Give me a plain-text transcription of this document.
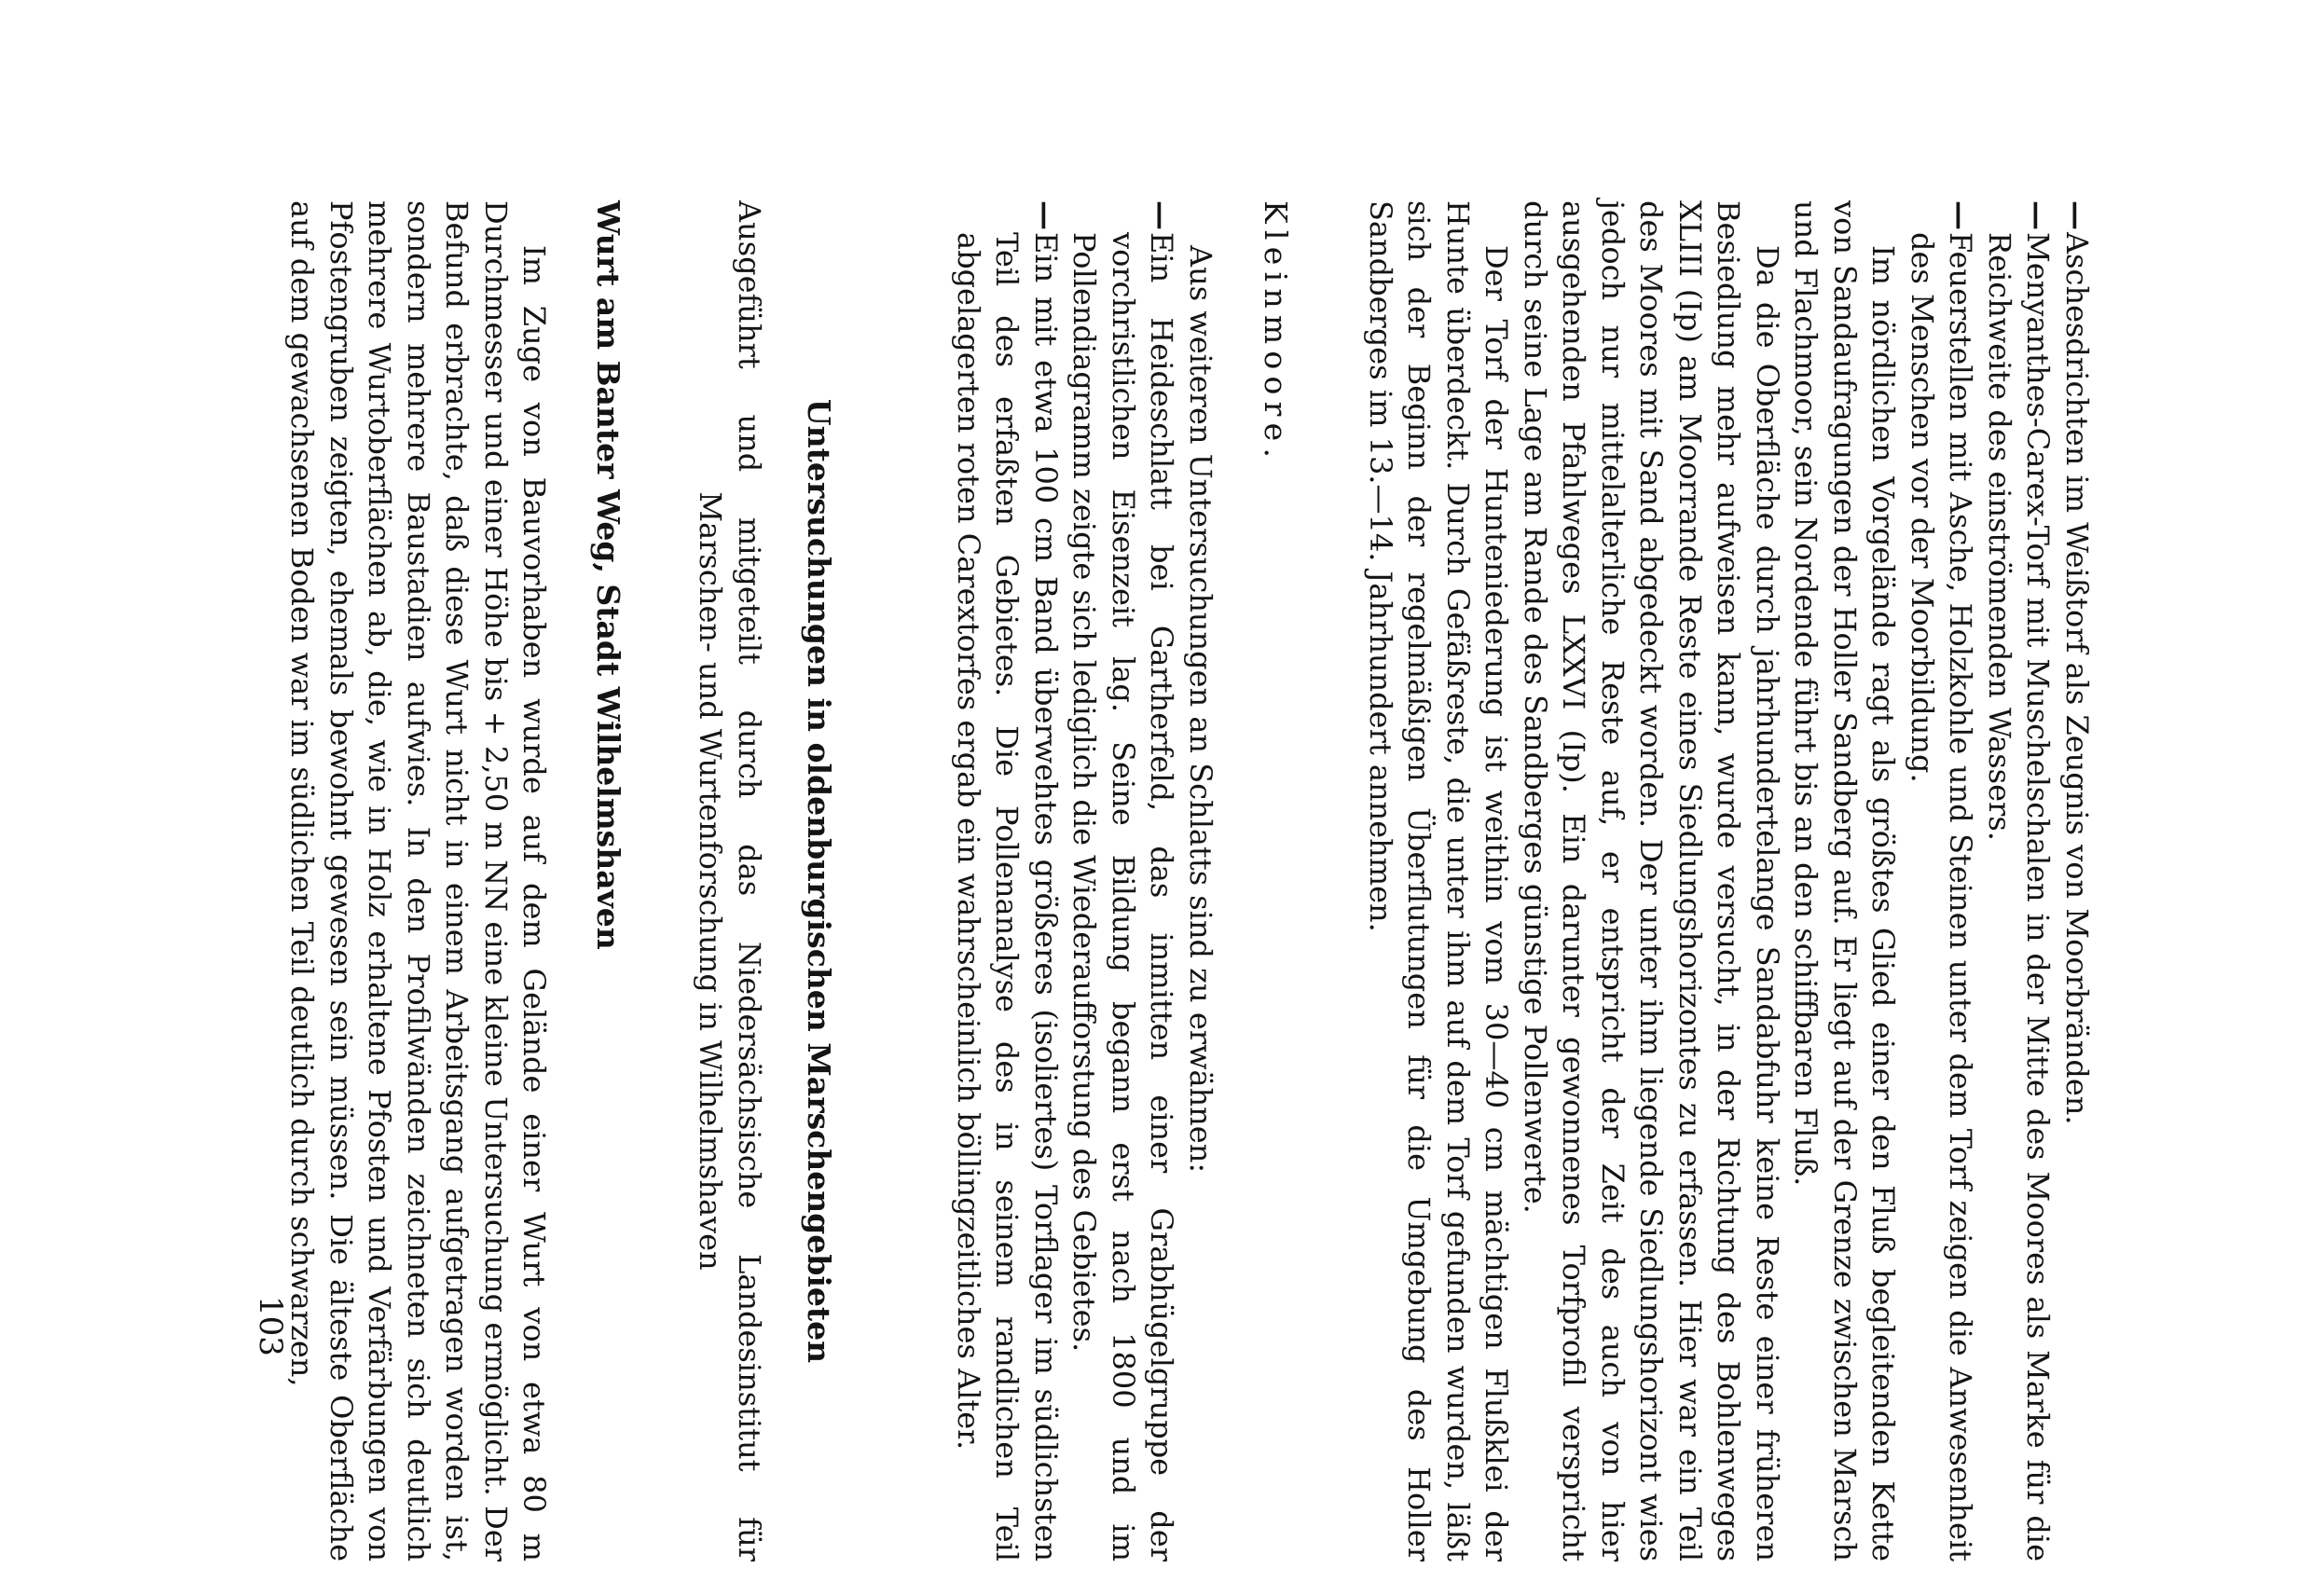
—
Aschesdrichten im Weißtorf als Zeugnis von Moorbränden.
—
Menyanthes-Carex-Torf mit Muschelschalen in der Mitte des Moores als Marke für die Reichweite des einströmenden Wassers.
—
Feuerstellen mit Asche, Holzkohle und Steinen unter dem Torf zeigen die Anwesenheit des Menschen vor der Moorbildung.

Im nördlichen Vorgelände ragt als größtes Glied einer den Fluß begleitenden Kette von Sandaufragungen der Holler Sandberg auf. Er liegt auf der Grenze zwischen Marsch und Flachmoor, sein Nordende führt bis an den schiffbaren Fluß.

Da die Oberfläche durch jahrhundertelange Sandabfuhr keine Reste einer früheren Besiedlung mehr aufweisen kann, wurde versucht, in der Richtung des Bohlenweges XLIII (Ip) am Moorrande Reste eines Siedlungshorizontes zu erfassen. Hier war ein Teil des Moores mit Sand abgedeckt worden. Der unter ihm liegende Siedlungshorizont wies jedoch nur mittelalterliche Reste auf, er entspricht der Zeit des auch von hier ausgehenden Pfahlweges LXXVI (Ip). Ein darunter gewonnenes Torfprofil verspricht durch seine Lage am Rande des Sandberges günstige Pollenwerte.

Der Torf der Hunteniederung ist weithin vom 30—40 cm mächtigen Flußklei der Hunte überdeckt. Durch Gefäßreste, die unter ihm auf dem Torf gefunden wurden, läßt sich der Beginn der regelmäßigen Überflutungen für die Umgebung des Holler Sandberges im 13.—14. Jahrhundert annehmen.

Kleinmoore.

Aus weiteren Untersuchungen an Schlatts sind zu erwähnen:

—
Ein Heideschlatt bei Gartherfeld, das inmitten einer Grabhügelgruppe der vorchristlichen Eisenzeit lag. Seine Bildung begann erst nach 1800 und im Pollendiagramm zeigte sich lediglich die Wiederaufforstung des Gebietes.
—
Ein mit etwa 100 cm Band überwehtes größeres (isoliertes) Torflager im südlichsten Teil des erfaßten Gebietes. Die Pollenanalyse des in seinem randlichen Teil abgelagerten roten Carextorfes ergab ein wahrscheinlich böllingzeitliches Alter.
Untersuchungen in oldenburgischen Marschengebieten

Ausgeführt und mitgeteilt durch das Niedersächsische Landesinstitut für

Marschen- und Wurtenforschung in Wilhelmshaven

Wurt am Banter Weg, Stadt Wilhelmshaven

Im Zuge von Bauvorhaben wurde auf dem Gelände einer Wurt von etwa 80 m Durchmesser und einer Höhe bis + 2,50 m NN eine kleine Untersuchung ermöglicht. Der Befund erbrachte, daß diese Wurt nicht in einem Arbeitsgang aufgetragen worden ist, sondern mehrere Baustadien aufwies. In den Profilwänden zeichneten sich deutlich mehrere Wurtoberflächen ab, die, wie in Holz erhaltene Pfosten und Verfärbungen von Pfostengruben zeigten, ehemals bewohnt gewesen sein müssen. Die älteste Oberfläche auf dem gewachsenen Boden war im südlichen Teil deutlich durch schwarzen,

103
